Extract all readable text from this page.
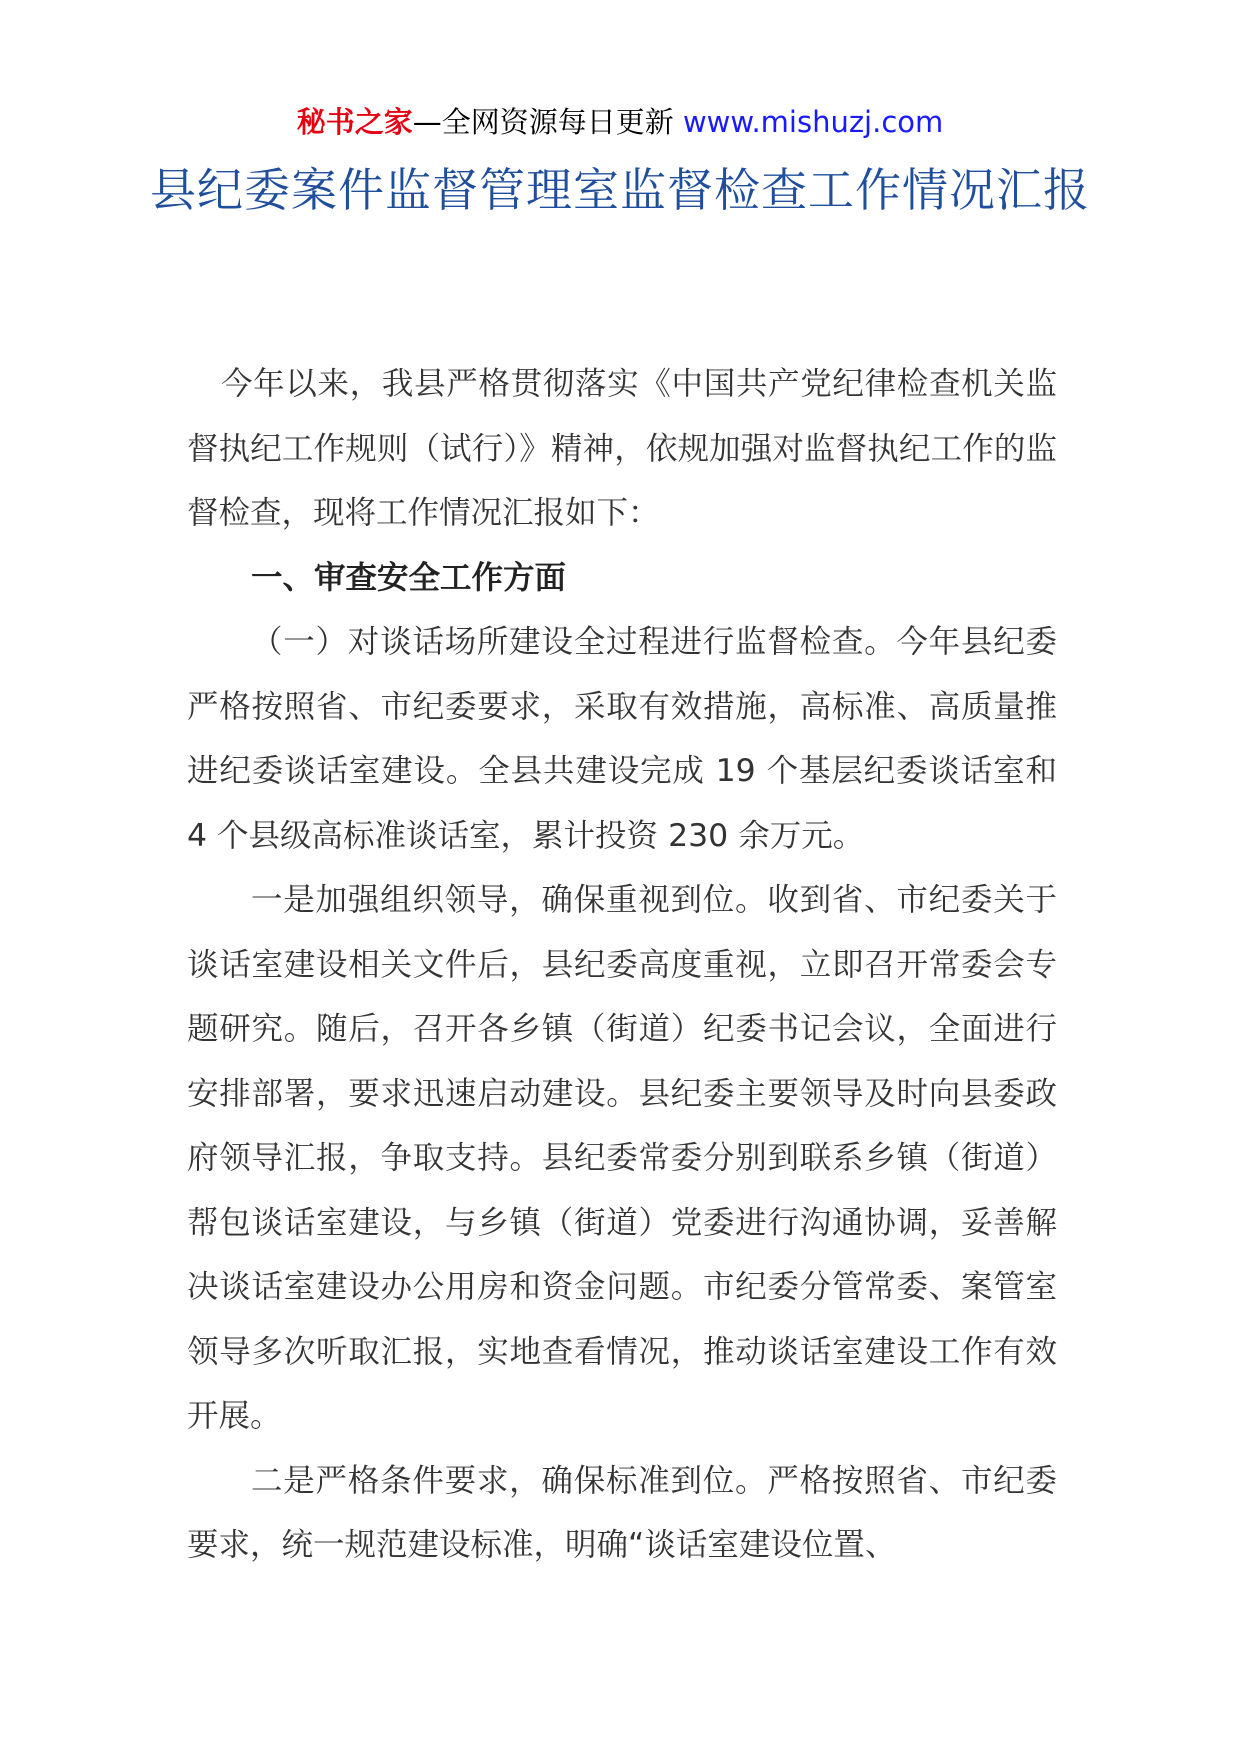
秘书之家—全网资源每日更新 www.mishuzj.com
县纪委案件监督管理室监督检查工作情况汇报

今年以来，我县严格贯彻落实《中国共产党纪律检查机关监督执纪工作规则（试行）》精神，依规加强对监督执纪工作的监督检查，现将工作情况汇报如下：

一、审查安全工作方面

（一）对谈话场所建设全过程进行监督检查。今年县纪委严格按照省、市纪委要求，采取有效措施，高标准、高质量推进纪委谈话室建设。全县共建设完成 19 个基层纪委谈话室和 4 个县级高标准谈话室，累计投资 230 余万元。

一是加强组织领导，确保重视到位。收到省、市纪委关于谈话室建设相关文件后，县纪委高度重视，立即召开常委会专题研究。随后，召开各乡镇（街道）纪委书记会议，全面进行安排部署，要求迅速启动建设。县纪委主要领导及时向县委政府领导汇报，争取支持。县纪委常委分别到联系乡镇（街道）帮包谈话室建设，与乡镇（街道）党委进行沟通协调，妥善解决谈话室建设办公用房和资金问题。市纪委分管常委、案管室领导多次听取汇报，实地查看情况，推动谈话室建设工作有效开展。

二是严格条件要求，确保标准到位。严格按照省、市纪委要求，统一规范建设标准，明确“谈话室建设位置、
